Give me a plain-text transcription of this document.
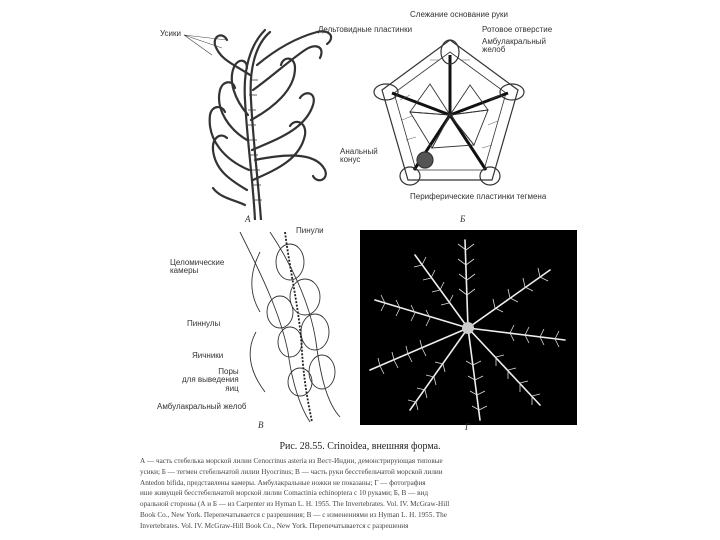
Усики
А
Слежание основание руки
Дельтовидные пластинки	Ротовое отверстие
Амбулакральный
желоб
Анальный
конус
Периферические пластинки тегмена
Б
Пинули
Целомические
камеры
Пиннулы
Яичники
Поры
для выведения
яиц
Амбулакральный желоб
В	Г
Рис. 28.55. Crinoidea, внешняя форма.
А — часть стебелька морской лилии Cenocrinus asteria из Вест-Индии, демонстрирующая типовые
усики; Б — тегмен стебельчатой лилии Hyocrinus; В — часть руки бесстебельчатой морской лилии
Antedon bifida, представлены камеры. Амбулакральные ножки не показаны; Г — фотография
ише живущей бесстебельчатой морской лилии Comactinia echinoptera с 10 руками; Б, В — вид
оральной стороны (А и Б — из Carpenter из Hyman L. H. 1955. The Invertebrates. Vol. IV. McGraw-Hill
Book Co., New York. Перепечатывается с разрешения; В — с изменениями из Hyman L. H. 1955. The
Invertebrates. Vol. IV. McGraw-Hill Book Co., New York. Перепечатывается с разрешения
